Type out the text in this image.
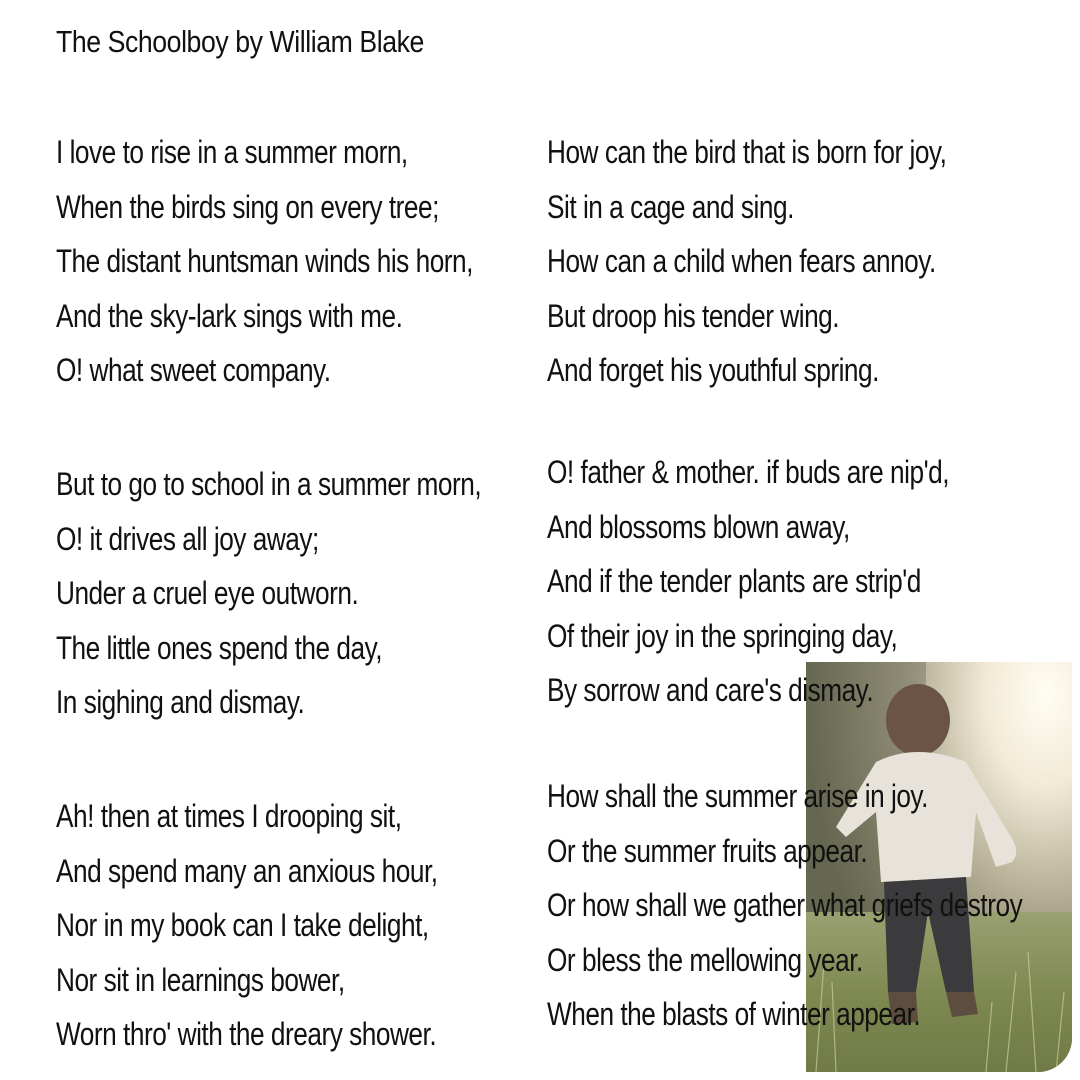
The Schoolboy by William Blake
I love to rise in a summer morn,
When the birds sing on every tree;
The distant huntsman winds his horn,
And the sky-lark sings with me.
O! what sweet company.
But to go to school in a summer morn,
O! it drives all joy away;
Under a cruel eye outworn.
The little ones spend the day,
In sighing and dismay.
Ah! then at times I drooping sit,
And spend many an anxious hour,
Nor in my book can I take delight,
Nor sit in learnings bower,
Worn thro' with the dreary shower.
How can the bird that is born for joy,
Sit in a cage and sing.
How can a child when fears annoy.
But droop his tender wing.
And forget his youthful spring.
O! father & mother. if buds are nip'd,
And blossoms blown away,
And if the tender plants are strip'd
Of their joy in the springing day,
By sorrow and care's dismay.
How shall the summer arise in joy.
Or the summer fruits appear.
Or how shall we gather what griefs destroy
Or bless the mellowing year.
When the blasts of winter appear.
